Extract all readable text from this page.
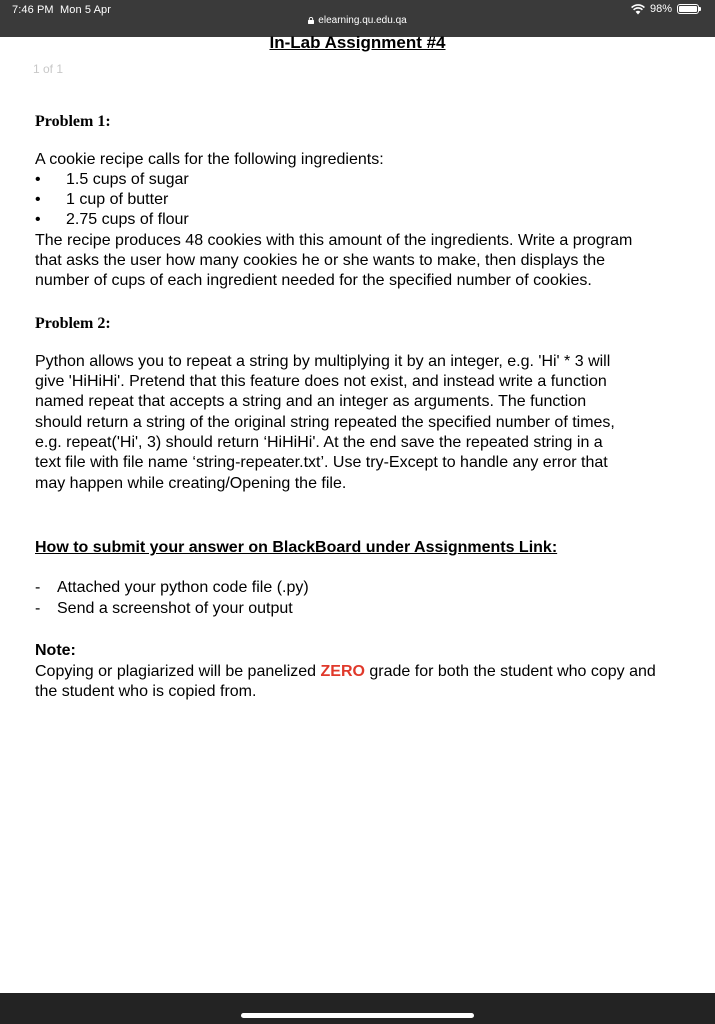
7:46 PM Mon 5 Apr	98%
elearning.qu.edu.qa
In-Lab Assignment #4
1 of 1
Problem 1:
A cookie recipe calls for the following ingredients:
• 1.5 cups of sugar
• 1 cup of butter
• 2.75 cups of flour
The recipe produces 48 cookies with this amount of the ingredients. Write a program
that asks the user how many cookies he or she wants to make, then displays the
number of cups of each ingredient needed for the specified number of cookies.
Problem 2:
Python allows you to repeat a string by multiplying it by an integer, e.g. 'Hi' * 3 will
give 'HiHiHi'. Pretend that this feature does not exist, and instead write a function
named repeat that accepts a string and an integer as arguments. The function
should return a string of the original string repeated the specified number of times,
e.g. repeat('Hi', 3) should return ‘HiHiHi'. At the end save the repeated string in a
text file with file name ‘string-repeater.txt’. Use try-Except to handle any error that
may happen while creating/Opening the file.
How to submit your answer on BlackBoard under Assignments Link:
- Attached your python code file (.py)
- Send a screenshot of your output
Note:
Copying or plagiarized will be panelized ZERO grade for both the student who copy and
the student who is copied from.
